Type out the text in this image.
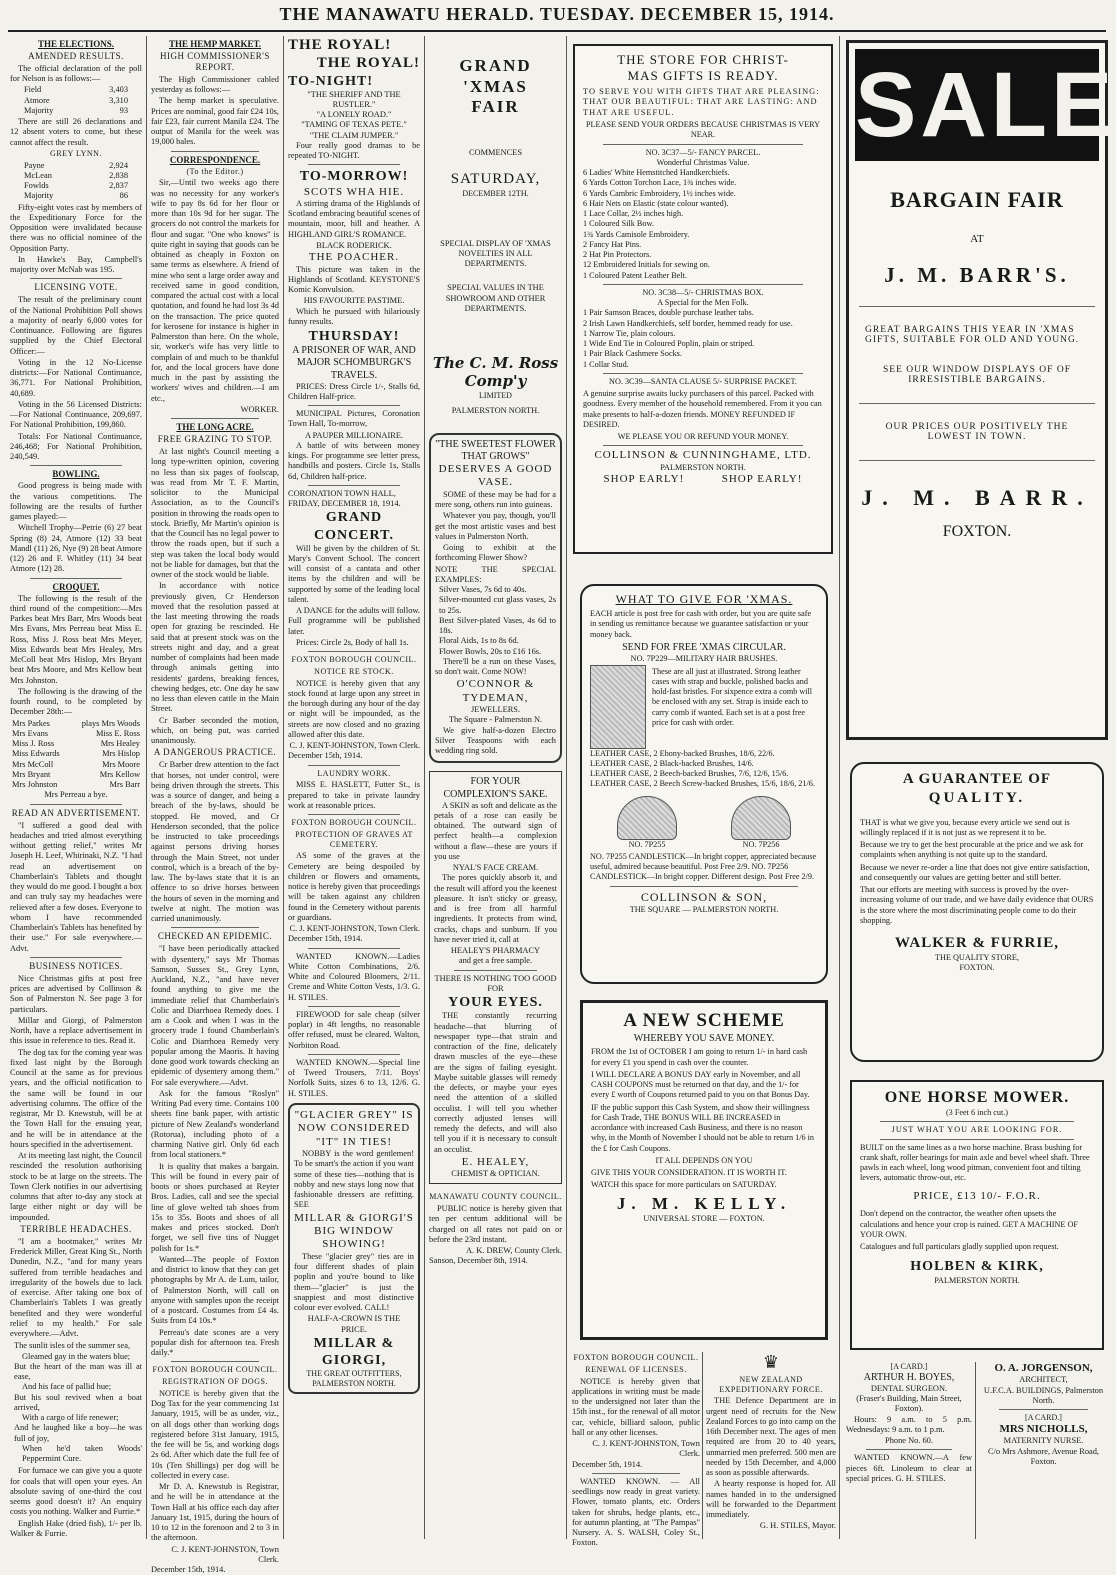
THE MANAWATU HERALD. TUESDAY. DECEMBER 15, 1914.
THE ELECTIONS.
AMENDED RESULTS.

The official declaration of the poll for Nelson is as follows:—

Field	3,403
Atmore	3,310
Majority	93

There are still 26 declarations and 12 absent voters to come, but these cannot affect the result.

GREY LYNN.
Payne	2,924
McLean	2,838
Fowlds	2,837
Majority	86

Fifty-eight votes cast by members of the Expeditionary Force for the Opposition were invalidated because there was no official nominee of the Opposition Party.

In Hawke's Bay, Campbell's majority over McNab was 195.

LICENSING VOTE.

The result of the preliminary count of the National Prohibition Poll shows a majority of nearly 6,000 votes for Continuance. Following are figures supplied by the Chief Electoral Officer:—

Voting in the 12 No-License districts:—For National Continuance, 36,771. For National Prohibition, 40,689.

Voting in the 56 Licensed Districts:—For National Continuance, 209,697. For National Prohibition, 199,860.

Totals: For National Continuance, 246,468; For National Prohibition, 240,549.

BOWLING.

Good progress is being made with the various competitions. The following are the results of further games played:—

Witchell Trophy—Petrie (6) 27 beat Spring (8) 24, Atmore (12) 33 beat Mandl (11) 26, Nye (9) 28 beat Atmore (12) 26 and F. Whitley (11) 34 beat Atmore (12) 28.

CROQUET.

The following is the result of the third round of the competition:—Mrs Parkes beat Mrs Barr, Mrs Woods beat Mrs Evans, Mrs Perreau beat Miss E. Ross, Miss J. Ross beat Mrs Meyer, Miss Edwards beat Mrs Healey, Mrs McColl beat Mrs Hislop, Mrs Bryant beat Mrs Moore, and Mrs Kellow beat Mrs Johnston.

The following is the drawing of the fourth round, to be completed by December 28th:—

Mrs Parkes	plays Mrs Woods
Mrs Evans	Miss E. Ross
Miss J. Ross	Mrs Healey
Miss Edwards	Mrs Hislop
Mrs McColl	Mrs Moore
Mrs Bryant	Mrs Kellow
Mrs Johnston	Mrs Barr
Mrs Perreau a bye.
READ AN ADVERTISEMENT.

"I suffered a good deal with headaches and tried almost everything without getting relief," writes Mr Joseph H. Leef, Whirinaki, N.Z. "I had read an advertisement on Chamberlain's Tablets and thought they would do me good. I bought a box and can truly say my headaches were relieved after a few doses. Everyone to whom I have recommended Chamberlain's Tablets has benefited by their use." For sale everywhere.—Advt.

BUSINESS NOTICES.

Nice Christmas gifts at post free prices are advertised by Collinson & Son of Palmerston N. See page 3 for particulars.

Millar and Giorgi, of Palmerston North, have a replace advertisement in this issue in reference to ties. Read it.

The dog tax for the coming year was fixed last night by the Borough Council at the same as for previous years, and the official notification to the same will be found in our advertising columns. The office of the registrar, Mr D. Knewstub, will be at the Town Hall for the ensuing year, and he will be in attendance at the hours specified in the advertisement.

At its meeting last night, the Council rescinded the resolution authorising stock to be at large on the streets. The Town Clerk notifies in our advertising columns that after to-day any stock at large either night or day will be impounded.

TERRIBLE HEADACHES.

"I am a bootmaker," writes Mr Frederick Miller, Great King St., North Dunedin, N.Z., "and for many years suffered from terrible headaches and irregularity of the bowels due to lack of exercise. After taking one box of Chamberlain's Tablets I was greatly benefited and they were wonderful relief to my health." For sale everywhere.—Advt.

The sunlit isles of the summer sea,
Gleamed gay in the waters blue;
But the heart of the man was ill at ease,
And his face of pallid hue;
But his soul revived when a boat arrived,
With a cargo of life renewer;
And he laughed like a boy—he was full of joy,
When he'd taken Woods' Peppermint Cure.

For furnace we can give you a quote for coals that will open your eyes. An absolute saving of one-third the cost seems good doesn't it? An enquiry costs you nothing. Walker and Furrie.*

English Hake (dried fish), 1/- per lb. Walker & Furrie.

THE HEMP MARKET.
HIGH COMMISSIONER'S REPORT.

The High Commissioner cabled yesterday as follows:—

The hemp market is speculative. Prices are nominal, good fair £24 10s, fair £23, fair current Manila £24. The output of Manila for the week was 19,000 bales.

CORRESPONDENCE.
(To the Editor.)

Sir,—Until two weeks ago there was no necessity for any worker's wife to pay 8s 6d for her flour or more than 10s 9d for her sugar. The grocers do not control the markets for flour and sugar. "One who knows" is quite right in saying that goods can be obtained as cheaply in Foxton on same terms as elsewhere. A friend of mine who sent a large order away and received same in good condition, compared the actual cost with a local quotation, and found he had lost 3s 4d on the transaction. The price quoted for kerosene for instance is higher in Palmerston than here. On the whole, sir, worker's wife has very little to complain of and much to be thankful for, and the local grocers have done much in the past by assisting the workers' wives and children.—I am etc.,

WORKER.
THE LONG ACRE.
FREE GRAZING TO STOP.

At last night's Council meeting a long type-written opinion, covering no less than six pages of foolscap, was read from Mr T. F. Martin, solicitor to the Municipal Association, as to the Council's position in throwing the roads open to stock. Briefly, Mr Martin's opinion is that the Council has no legal power to throw the roads open, but if such a step was taken the local body would not be liable for damages, but that the owner of the stock would be liable.

In accordance with notice previously given, Cr Henderson moved that the resolution passed at the last meeting throwing the roads open for grazing be rescinded. He said that at present stock was on the streets night and day, and a great number of complaints had been made through animals getting into residents' gardens, breaking fences, chewing hedges, etc. One day he saw no less than eleven cattle in the Main Street.

Cr Barber seconded the motion, which, on being put, was carried unanimously.

A DANGEROUS PRACTICE.

Cr Barber drew attention to the fact that horses, not under control, were being driven through the streets. This was a source of danger, and being a breach of the by-laws, should be stopped. He moved, and Cr Henderson seconded, that the police be instructed to take proceedings against persons driving horses through the Main Street, not under control, which is a breach of the by-law. The by-laws state that it is an offence to so drive horses between the hours of seven in the morning and twelve at night. The motion was carried unanimously.

CHECKED AN EPIDEMIC.

"I have been periodically attacked with dysentery," says Mr Thomas Samson, Sussex St., Grey Lynn, Auckland, N.Z., "and have never found anything to give me the immediate relief that Chamberlain's Colic and Diarrhoea Remedy does. I am a Cook and when I was in the grocery trade I found Chamberlain's Colic and Diarrhoea Remedy very popular among the Maoris. It having done good work towards checking an epidemic of dysentery among them." For sale everywhere.—Advt.

Ask for the famous "Roslyn" Writing Pad every time. Contains 100 sheets fine bank paper, with artistic picture of New Zealand's wonderland (Rotorua), including photo of a charming Native girl. Only 6d each from local stationers.*

It is quality that makes a bargain. This will be found in every pair of boots or shoes purchased at Reyter Bros. Ladies, call and see the special line of glove welted tab shoes from 15s to 35s. Boots and shoes of all makes and prices stocked. Don't forget, we sell five tins of Nugget polish for 1s.*

Wanted—The people of Foxton and district to know that they can get photographs by Mr A. de Lum, tailor, of Palmerston North, will call on anyone with samples upon the receipt of a postcard. Costumes from £4 4s. Suits from £4 10s.*

Perreau's date scones are a very popular dish for afternoon tea. Fresh daily.*

FOXTON BOROUGH COUNCIL.
REGISTRATION OF DOGS.

NOTICE is hereby given that the Dog Tax for the year commencing 1st January, 1915, will be as under, viz., on all dogs other than working dogs registered before 31st January, 1915, the fee will be 5s, and working dogs 2s 6d. After which date the full fee of 10s (Ten Shillings) per dog will be collected in every case.

Mr D. A. Knewstub is Registrar, and he will be in attendance at the Town Hall at his office each day after January 1st, 1915, during the hours of 10 to 12 in the forenoon and 2 to 3 in the afternoon.

C. J. KENT-JOHNSTON, Town Clerk.
December 15th, 1914.
THE ROYAL!
THE ROYAL!
TO-NIGHT!
"THE SHERIFF AND THE RUSTLER."
"A LONELY ROAD."
"TAMING OF TEXAS PETE."
"THE CLAIM JUMPER."

Four really good dramas to be repeated TO-NIGHT.

TO-MORROW!
SCOTS WHA HIE.

A stirring drama of the Highlands of Scotland embracing beautiful scenes of mountain, moor, hill and heather. A HIGHLAND GIRL'S ROMANCE.

BLACK RODERICK.
THE POACHER.

This picture was taken in the Highlands of Scotland. KEYSTONE'S Komic Konvulsion.

HIS FAVOURITE PASTIME.

Which he pursued with hilariously funny results.

THURSDAY!
A PRISONER OF WAR, AND MAJOR SCHOMBURGK'S TRAVELS.

PRICES: Dress Circle 1/-, Stalls 6d, Children Half-price.

MUNICIPAL Pictures, Coronation Town Hall, To-morrow,

A PAUPER MILLIONAIRE.

A battle of wits between money kings. For programme see letter press, handbills and posters. Circle 1s, Stalls 6d, Children half-price.

CORONATION TOWN HALL,
FRIDAY, DECEMBER 18, 1914.
GRAND CONCERT.

Will be given by the children of St. Mary's Convent School. The concert will consist of a cantata and other items by the children and will be supported by some of the leading local talent.

A DANCE for the adults will follow. Full programme will be published later.

Prices: Circle 2s, Body of hall 1s.

FOXTON BOROUGH COUNCIL.
NOTICE RE STOCK.

NOTICE is hereby given that any stock found at large upon any street in the borough during any hour of the day or night will be impounded, as the streets are now closed and no grazing allowed after this date.

C. J. KENT-JOHNSTON, Town Clerk.
December 15th, 1914.
LAUNDRY WORK.

MISS E. HASLETT, Futter St., is prepared to take in private laundry work at reasonable prices.

FOXTON BOROUGH COUNCIL.
PROTECTION OF GRAVES AT CEMETERY.

AS some of the graves at the Cemetery are being despoiled by children or flowers and ornaments, notice is hereby given that proceedings will be taken against any children found in the Cemetery without parents or guardians.

C. J. KENT-JOHNSTON, Town Clerk.
December 15th, 1914.

WANTED KNOWN.—Ladies White Cotton Combinations, 2/6. White and Coloured Bloomers, 2/11. Creme and White Cotton Vests, 1/3. G. H. STILES.

FIREWOOD for sale cheap (silver poplar) in 4ft lengths, no reasonable offer refused, must be cleared. Walton, Norbiton Road.

WANTED KNOWN.—Special line of Tweed Trousers, 7/11. Boys' Norfolk Suits, sizes 6 to 13, 12/6. G. H. STILES.

"GLACIER GREY" IS NOW CONSIDERED "IT" IN TIES!

NOBBY is the word gentlemen! To be smart's the action if you want some of these ties—nothing that is nobby and new stays long now that fashionable dressers are refitting. SEE

MILLAR & GIORGI'S BIG WINDOW SHOWING!

These "glacier grey" ties are in four different shades of plain poplin and you're bound to like them—"glacier" is just the snappiest and most distinctive colour ever evolved. CALL!

HALF-A-CROWN IS THE PRICE.
MILLAR & GIORGI,
THE GREAT OUTFITTERS, PALMERSTON NORTH.
GRAND
'XMAS
FAIR
COMMENCES
SATURDAY,
DECEMBER 12TH.
SPECIAL DISPLAY OF 'XMAS NOVELTIES IN ALL DEPARTMENTS.
SPECIAL VALUES IN THE SHOWROOM AND OTHER DEPARTMENTS.
The C. M. Ross Comp'y
LIMITED
PALMERSTON NORTH.
"THE SWEETEST FLOWER THAT GROWS"
DESERVES A GOOD VASE.

SOME of these may be had for a mere song, others run into guineas.

Whatever you pay, though, you'll get the most artistic vases and best values in Palmerston North.

Going to exhibit at the forthcoming Flower Show?

NOTE THE SPECIAL EXAMPLES:
Silver Vases, 7s 6d to 40s.
Silver-mounted cut glass vases, 2s to 25s.
Best Silver-plated Vases, 4s 6d to 18s.
Floral Aids, 1s to 8s 6d.
Flower Bowls, 20s to £16 16s.

There'll be a run on these Vases, so don't wait. Come NOW!

O'CONNOR & TYDEMAN,
JEWELLERS.
The Square - Palmerston N.

We give half-a-dozen Electro Silver Teaspoons with each wedding ring sold.

FOR YOUR COMPLEXION'S SAKE.

A SKIN as soft and delicate as the petals of a rose can easily be obtained. The outward sign of perfect health—a complexion without a flaw—these are yours if you use

NYAL'S FACE CREAM.

The pores quickly absorb it, and the result will afford you the keenest pleasure. It isn't sticky or greasy, and is free from all harmful ingredients. It protects from wind, cracks, chaps and sunburn. If you have never tried it, call at

HEALEY'S PHARMACY
and get a free sample.
THERE IS NOTHING TOO GOOD FOR
YOUR EYES.

THE constantly recurring headache—that blurring of newspaper type—that strain and contraction of the fine, delicately drawn muscles of the eye—these are the signs of failing eyesight. Maybe suitable glasses will remedy the defects, or maybe your eyes need the attention of a skilled occulist. I will tell you whether correctly adjusted lenses will remedy the defects, and will also tell you if it is necessary to consult an occulist.

E. HEALEY,
CHEMIST & OPTICIAN.
MANAWATU COUNTY COUNCIL.

PUBLIC notice is hereby given that ten per centum additional will be charged on all rates not paid on or before the 23rd instant.

A. K. DREW, County Clerk.
Sanson, December 8th, 1914.
THE STORE FOR CHRIST-
MAS GIFTS IS READY.

TO SERVE YOU WITH GIFTS THAT ARE PLEASING: THAT OUR BEAUTIFUL: THAT ARE LASTING: AND THAT ARE USEFUL.

PLEASE SEND YOUR ORDERS BECAUSE CHRISTMAS IS VERY NEAR.

NO. 3C37—5/- FANCY PARCEL.
Wonderful Christmas Value.
6 Ladies' White Hemstitched Handkerchiefs.
6 Yards Cotton Torchon Lace, 1¾ inches wide.
6 Yards Cambric Embroidery, 1½ inches wide.
6 Hair Nets on Elastic (state colour wanted).
1 Lace Collar, 2½ inches high.
1 Coloured Silk Bow.
1¾ Yards Camisole Embroidery.
2 Fancy Hat Pins.
2 Hat Pin Protectors.
12 Embroidered Initials for sewing on.
1 Coloured Patent Leather Belt.
NO. 3C38—5/- CHRISTMAS BOX.
A Special for the Men Folk.
1 Pair Samson Braces, double purchase leather tabs.
2 Irish Lawn Handkerchiefs, self border, hemmed ready for use.
1 Narrow Tie, plain colours.
1 Wide End Tie in Coloured Poplin, plain or striped.
1 Pair Black Cashmere Socks.
1 Collar Stud.
NO. 3C39—SANTA CLAUSE 5/- SURPRISE PACKET.

A genuine surprise awaits lucky purchasers of this parcel. Packed with goodness. Every member of the household remembered. From it you can make presents to half-a-dozen friends. MONEY REFUNDED IF DESIRED.

WE PLEASE YOU OR REFUND YOUR MONEY.

COLLINSON & CUNNINGHAME, LTD.
PALMERSTON NORTH.
SHOP EARLY!          SHOP EARLY!
WHAT TO GIVE FOR 'XMAS.

EACH article is post free for cash with order, but you are quite safe in sending us remittance because we guarantee satisfaction or your money back.

SEND FOR FREE 'XMAS CIRCULAR.
NO. 7P229—MILITARY HAIR BRUSHES.

These are all just at illustrated. Strong leather cases with strap and buckle, polished backs and hold-fast bristles. For sixpence extra a comb will be enclosed with any set. Strap is inside each to carry comb if wanted. Each set is at a post free price for cash with order.

LEATHER CASE, 2 Ebony-backed Brushes, 18/6, 22/6.
LEATHER CASE, 2 Black-backed Brushes, 14/6.
LEATHER CASE, 2 Beech-backed Brushes, 7/6, 12/6, 15/6.
LEATHER CASE, 2 Beech Screw-backed Brushes, 15/6, 18/6, 21/6.
NO. 7P255	NO. 7P256

NO. 7P255 CANDLESTICK—In bright copper, appreciated because useful, admired because beautiful. Post Free 2/9. NO. 7P256 CANDLESTICK—In bright copper. Different design. Post Free 2/9.

COLLINSON & SON,
THE SQUARE — PALMERSTON NORTH.
A NEW SCHEME
WHEREBY YOU SAVE MONEY.

FROM the 1st of OCTOBER I am going to return 1/- in hard cash for every £1 you spend in cash over the counter.

I WILL DECLARE A BONUS DAY early in November, and all CASH COUPONS must be returned on that day, and the 1/- for every £ worth of Coupons returned paid to you on that Bonus Day.

IF the public support this Cash System, and show their willingness for Cash Trade, THE BONUS WILL BE INCREASED in accordance with increased Cash Business, and there is no reason why, in the Month of November I should not be able to return 1/6 in the £ for Cash Coupons.

IT ALL DEPENDS ON YOU

GIVE THIS YOUR CONSIDERATION. IT IS WORTH IT.

WATCH this space for more particulars on SATURDAY.

J. M. KELLY.
UNIVERSAL STORE — FOXTON.
FOXTON BOROUGH COUNCIL.
RENEWAL OF LICENSES.

NOTICE is hereby given that applications in writing must be made to the undersigned not later than the 15th inst., for the renewal of all motor car, vehicle, billiard saloon, public hall or any other licenses.

C. J. KENT-JOHNSTON, Town Clerk.
December 5th, 1914.

WANTED KNOWN. — All seedlings now ready in great variety. Flower, tomato plants, etc. Orders taken for shrubs, hedge plants, etc., for autumn planting, at "The Pampas" Nursery. A. S. WALSH, Coley St., Foxton.

♛
NEW ZEALAND EXPEDITIONARY FORCE.

THE Defence Department are in urgent need of recruits for the New Zealand Forces to go into camp on the 16th December next. The ages of men required are from 20 to 40 years, unmarried men preferred. 500 men are needed by 15th December, and 4,000 as soon as possible afterwards.

A hearty response is hoped for. All names handed in to the undersigned will be forwarded to the Department immediately.

G. H. STILES, Mayor.
SALE
BARGAIN FAIR
AT
J. M. BARR'S.

GREAT BARGAINS THIS YEAR IN 'XMAS GIFTS, SUITABLE FOR OLD AND YOUNG.

SEE OUR WINDOW DISPLAYS OF OF IRRESISTIBLE BARGAINS.

OUR PRICES OUR POSITIVELY THE LOWEST IN TOWN.

J. M. BARR.
FOXTON.
A GUARANTEE OF
QUALITY.

THAT is what we give you, because every article we send out is willingly replaced if it is not just as we represent it to be.

Because we try to get the best procurable at the price and we ask for complaints when anything is not quite up to the standard.

Because we never re-order a line that does not give entire satisfaction, and consequently our values are getting better and still better.

That our efforts are meeting with success is proved by the over-increasing volume of our trade, and we have daily evidence that OURS is the store where the most discriminating people come to do their shopping.

WALKER & FURRIE,
THE QUALITY STORE,
FOXTON.
ONE HORSE MOWER.
(3 Feet 6 inch cut.)
JUST WHAT YOU ARE LOOKING FOR.

BUILT on the same lines as a two horse machine. Brass bushing for crank shaft, roller bearings for main axle and bevel wheel shaft. Three pawls in each wheel, long wood pitman, convenient foot and tilting levers, automatic throw-out, etc.

PRICE, £13 10/- F.O.R.

Don't depend on the contractor, the weather often upsets the calculations and hence your crop is ruined. GET A MACHINE OF YOUR OWN.

Catalogues and full particulars gladly supplied upon request.

HOLBEN & KIRK,
PALMERSTON NORTH.
[A CARD.]
ARTHUR H. BOYES,
DENTAL SURGEON.
(Fraser's Building, Main Street, Foxton).

Hours: 9 a.m. to 5 p.m. Wednesdays: 9 a.m. to 1 p.m.

Phone No. 60.

WANTED KNOWN.—A few pieces 6ft. Linoleum to clear at special prices. G. H. STILES.

O. A. JORGENSON,
ARCHITECT,
U.F.C.A. BUILDINGS, Palmerston North.
[A CARD.]
MRS NICHOLLS,
MATERNITY NURSE.
C/o Mrs Ashmore, Avenue Road, Foxton.
